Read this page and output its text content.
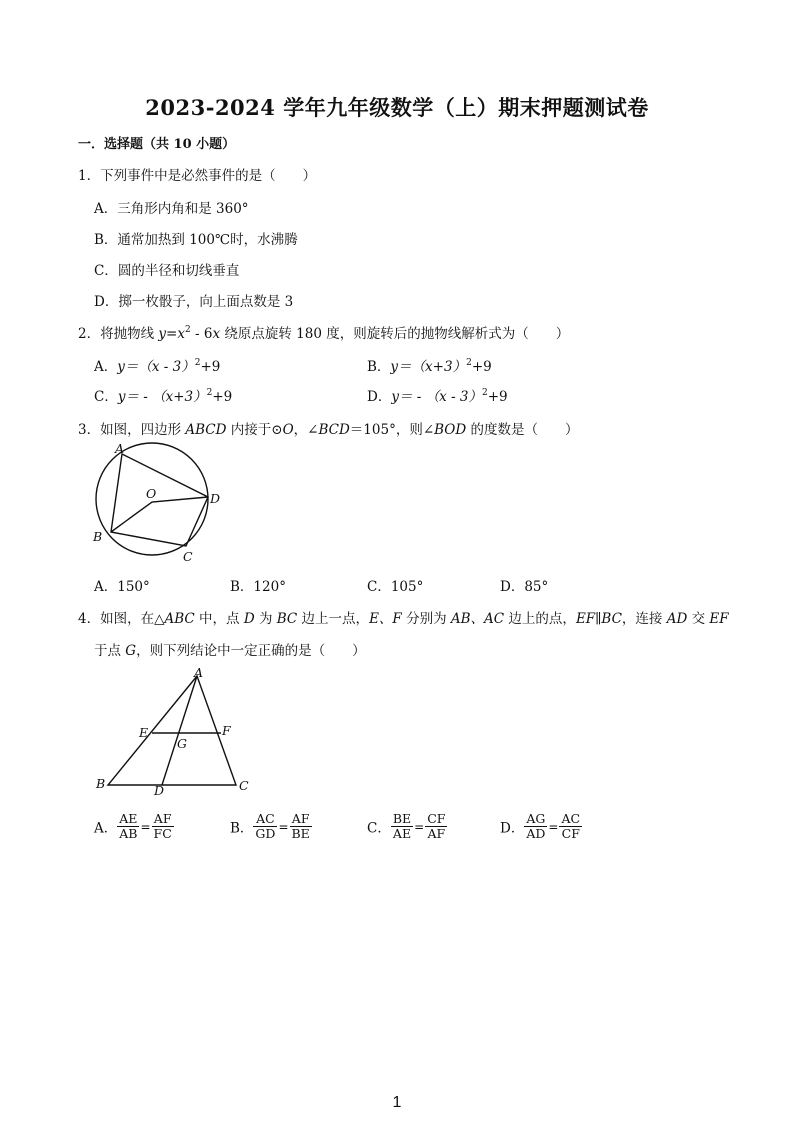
2023-2024 学年九年级数学（上）期末押题测试卷
一．选择题（共 10 小题）
1．下列事件中是必然事件的是（　　）
A．三角形内角和是 360°
B．通常加热到 100℃时，水沸腾
C．圆的半径和切线垂直
D．掷一枚骰子，向上面点数是 3
2．将抛物线 $y=x^2 - 6x$ 绕原点旋转 180 度，则旋转后的抛物线解析式为（　　）
A．y＝（x - 3）$^2$+9	B．$y=(x+3)^2+9$
C．$y= - (x+3)^2+9$	D．y＝ - （x - 3）$^2$+9
3．如图，四边形 ABCD 内接于⊙O，∠BCD＝105°，则∠BOD 的度数是（　　）
A
O	D
B
C
A．150°	B．120°	C．105°	D．85°
4．如图，在△ABC 中，点 D 为 BC 边上一点，E、F 分别为 AB、AC 边上的点，EF∥BC，连接 AD 交 EF
于点 G，则下列结论中一定正确的是（　　）
A
E	F
G
B	D	C
A． $\frac{AE}{AB} = \frac{AF}{FC}$	B． $\frac{AC}{GD} = \frac{AF}{BE}$	C． $\frac{BE}{AE} = \frac{CF}{AF}$	D． $\frac{AG}{AD} = \frac{AC}{CF}$
1
